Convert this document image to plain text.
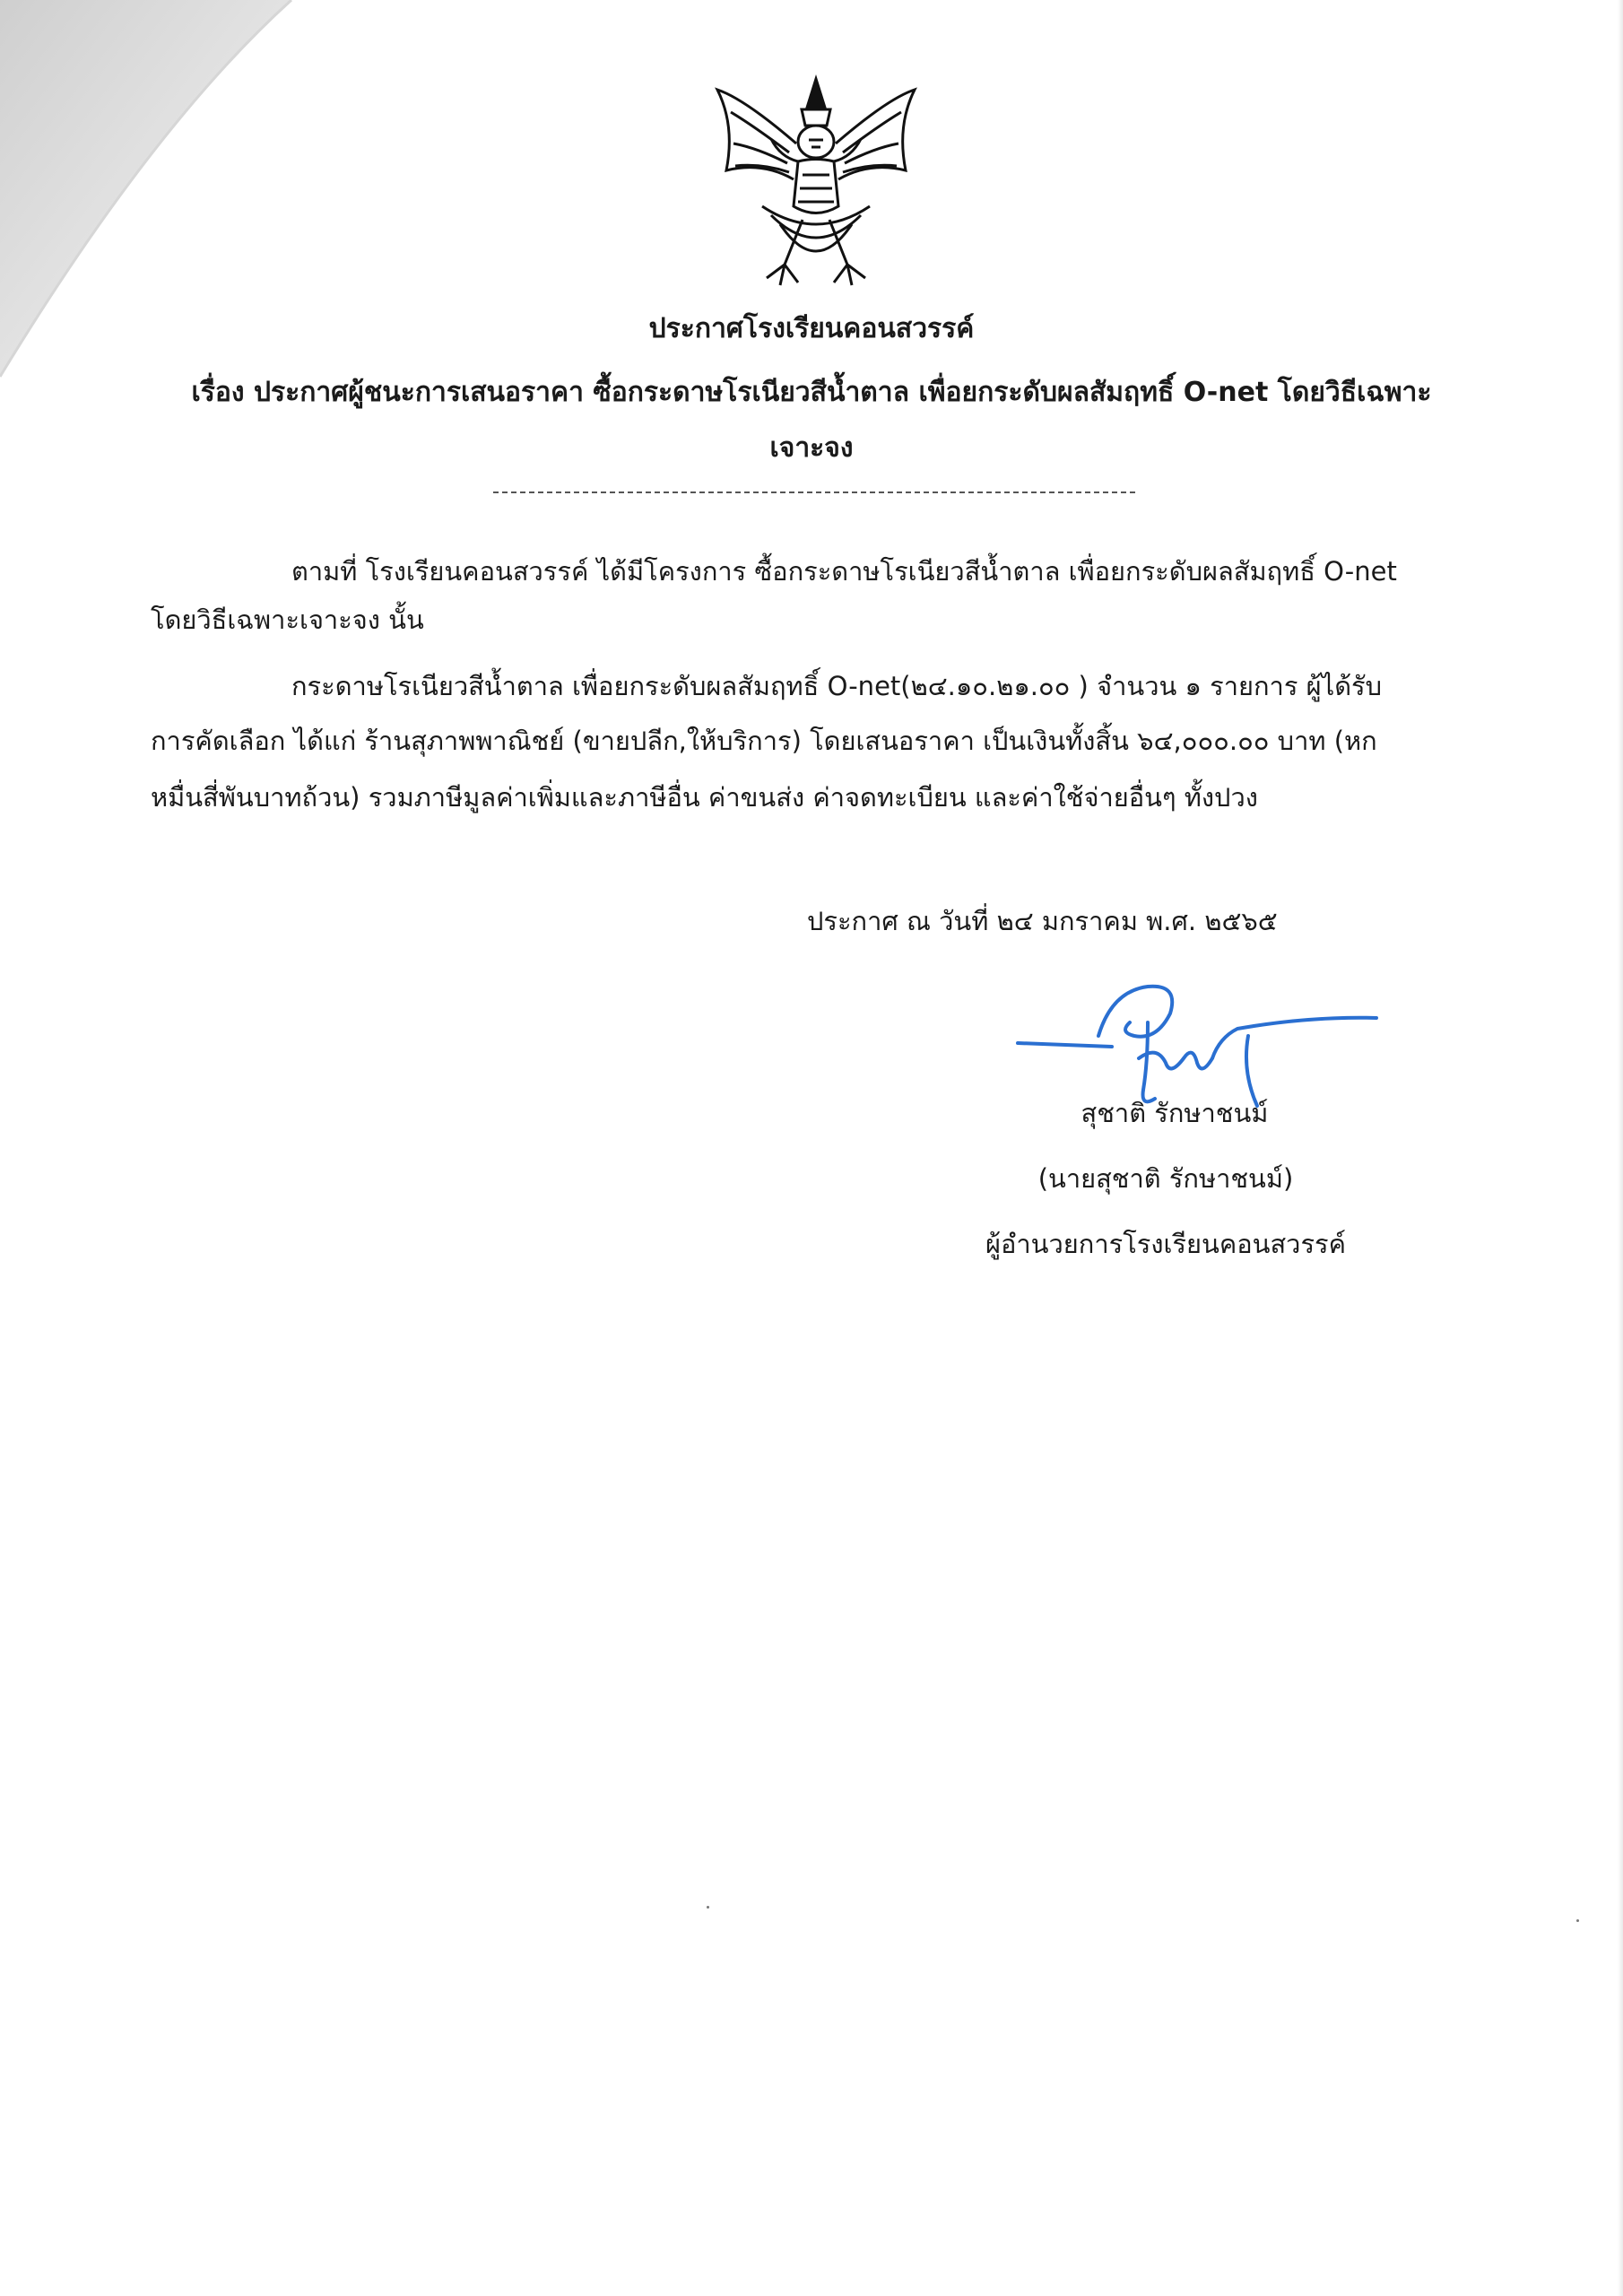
ประกาศโรงเรียนคอนสวรรค์
เรื่อง ประกาศผู้ชนะการเสนอราคา ซื้อกระดาษโรเนียวสีน้ำตาล เพื่อยกระดับผลสัมฤทธิ์ O-net โดยวิธีเฉพาะ
เจาะจง
ตามที่ โรงเรียนคอนสวรรค์ ได้มีโครงการ ซื้อกระดาษโรเนียวสีน้ำตาล เพื่อยกระดับผลสัมฤทธิ์ O-net
โดยวิธีเฉพาะเจาะจง นั้น
กระดาษโรเนียวสีน้ำตาล เพื่อยกระดับผลสัมฤทธิ์ O-net(๒๔.๑๐.๒๑.๐๐ ) จำนวน ๑ รายการ ผู้ได้รับ
การคัดเลือก ได้แก่ ร้านสุภาพพาณิชย์ (ขายปลีก,ให้บริการ) โดยเสนอราคา เป็นเงินทั้งสิ้น ๖๔,๐๐๐.๐๐ บาท (หก
หมื่นสี่พันบาทถ้วน) รวมภาษีมูลค่าเพิ่มและภาษีอื่น ค่าขนส่ง ค่าจดทะเบียน และค่าใช้จ่ายอื่นๆ ทั้งปวง
ประกาศ ณ วันที่ ๒๔ มกราคม พ.ศ. ๒๕๖๕
สุชาติ รักษาชนม์
(นายสุชาติ รักษาชนม์)
ผู้อำนวยการโรงเรียนคอนสวรรค์
